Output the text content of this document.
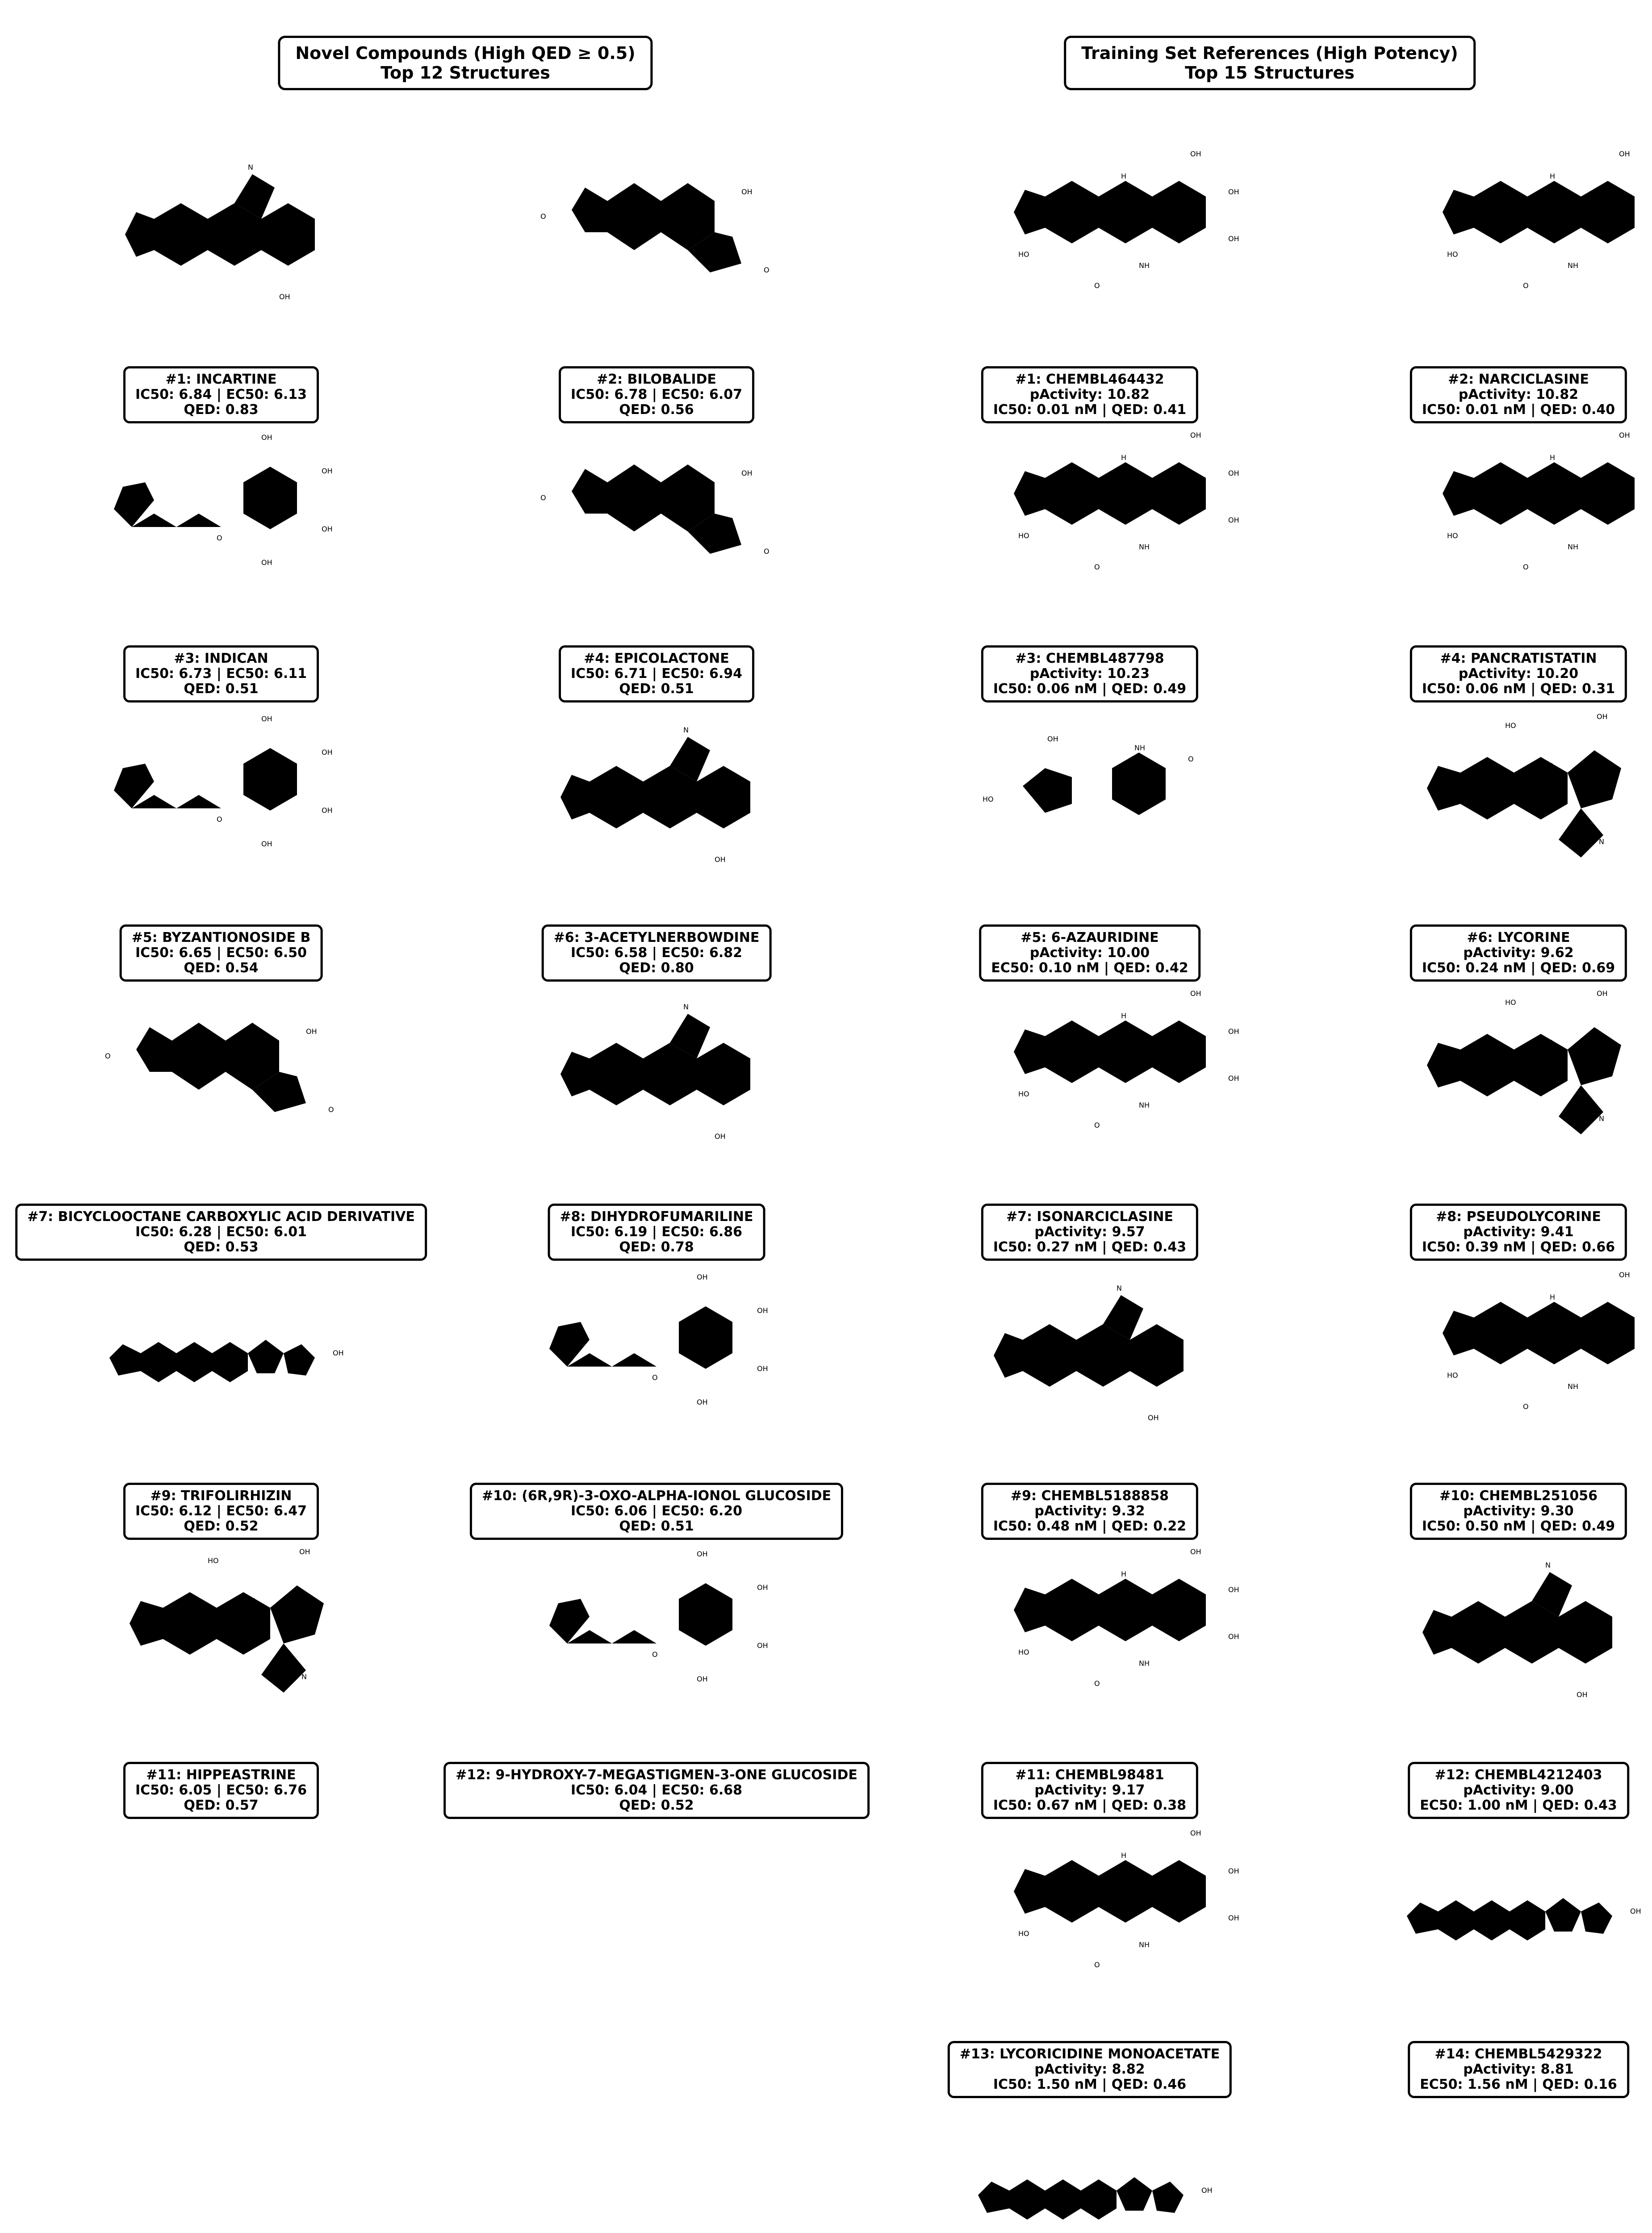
Novel Compounds (High QED ≥ 0.5)
Top 12 Structures
Training Set References (High Potency)
Top 15 Structures
#1: INCARTINE
IC50: 6.84 | EC50: 6.13
QED: 0.83
#2: BILOBALIDE
IC50: 6.78 | EC50: 6.07
QED: 0.56
#3: INDICAN
IC50: 6.73 | EC50: 6.11
QED: 0.51
#4: EPICOLACTONE
IC50: 6.71 | EC50: 6.94
QED: 0.51
#5: BYZANTIONOSIDE B
IC50: 6.65 | EC50: 6.50
QED: 0.54
#6: 3-ACETYLNERBOWDINE
IC50: 6.58 | EC50: 6.82
QED: 0.80
#7: BICYCLOOCTANE CARBOXYLIC ACID DERIVATIVE
IC50: 6.28 | EC50: 6.01
QED: 0.53
#8: DIHYDROFUMARILINE
IC50: 6.19 | EC50: 6.86
QED: 0.78
#9: TRIFOLIRHIZIN
IC50: 6.12 | EC50: 6.47
QED: 0.52
#10: (6R,9R)-3-OXO-ALPHA-IONOL GLUCOSIDE
IC50: 6.06 | EC50: 6.20
QED: 0.51
#11: HIPPEASTRINE
IC50: 6.05 | EC50: 6.76
QED: 0.57
#12: 9-HYDROXY-7-MEGASTIGMEN-3-ONE GLUCOSIDE
IC50: 6.04 | EC50: 6.68
QED: 0.52
#1: CHEMBL464432
pActivity: 10.82
IC50: 0.01 nM | QED: 0.41
#2: NARCICLASINE
pActivity: 10.82
IC50: 0.01 nM | QED: 0.40
#3: CHEMBL487798
pActivity: 10.23
IC50: 0.06 nM | QED: 0.49
#4: PANCRATISTATIN
pActivity: 10.20
IC50: 0.06 nM | QED: 0.31
#5: 6-AZAURIDINE
pActivity: 10.00
EC50: 0.10 nM | QED: 0.42
#6: LYCORINE
pActivity: 9.62
IC50: 0.24 nM | QED: 0.69
#7: ISONARCICLASINE
pActivity: 9.57
IC50: 0.27 nM | QED: 0.43
#8: PSEUDOLYCORINE
pActivity: 9.41
IC50: 0.39 nM | QED: 0.66
#9: CHEMBL5188858
pActivity: 9.32
IC50: 0.48 nM | QED: 0.22
#10: CHEMBL251056
pActivity: 9.30
IC50: 0.50 nM | QED: 0.49
#11: CHEMBL98481
pActivity: 9.17
IC50: 0.67 nM | QED: 0.38
#12: CHEMBL4212403
pActivity: 9.00
EC50: 1.00 nM | QED: 0.43
#13: LYCORICIDINE MONOACETATE
pActivity: 8.82
IC50: 1.50 nM | QED: 0.46
#14: CHEMBL5429322
pActivity: 8.81
EC50: 1.56 nM | QED: 0.16
